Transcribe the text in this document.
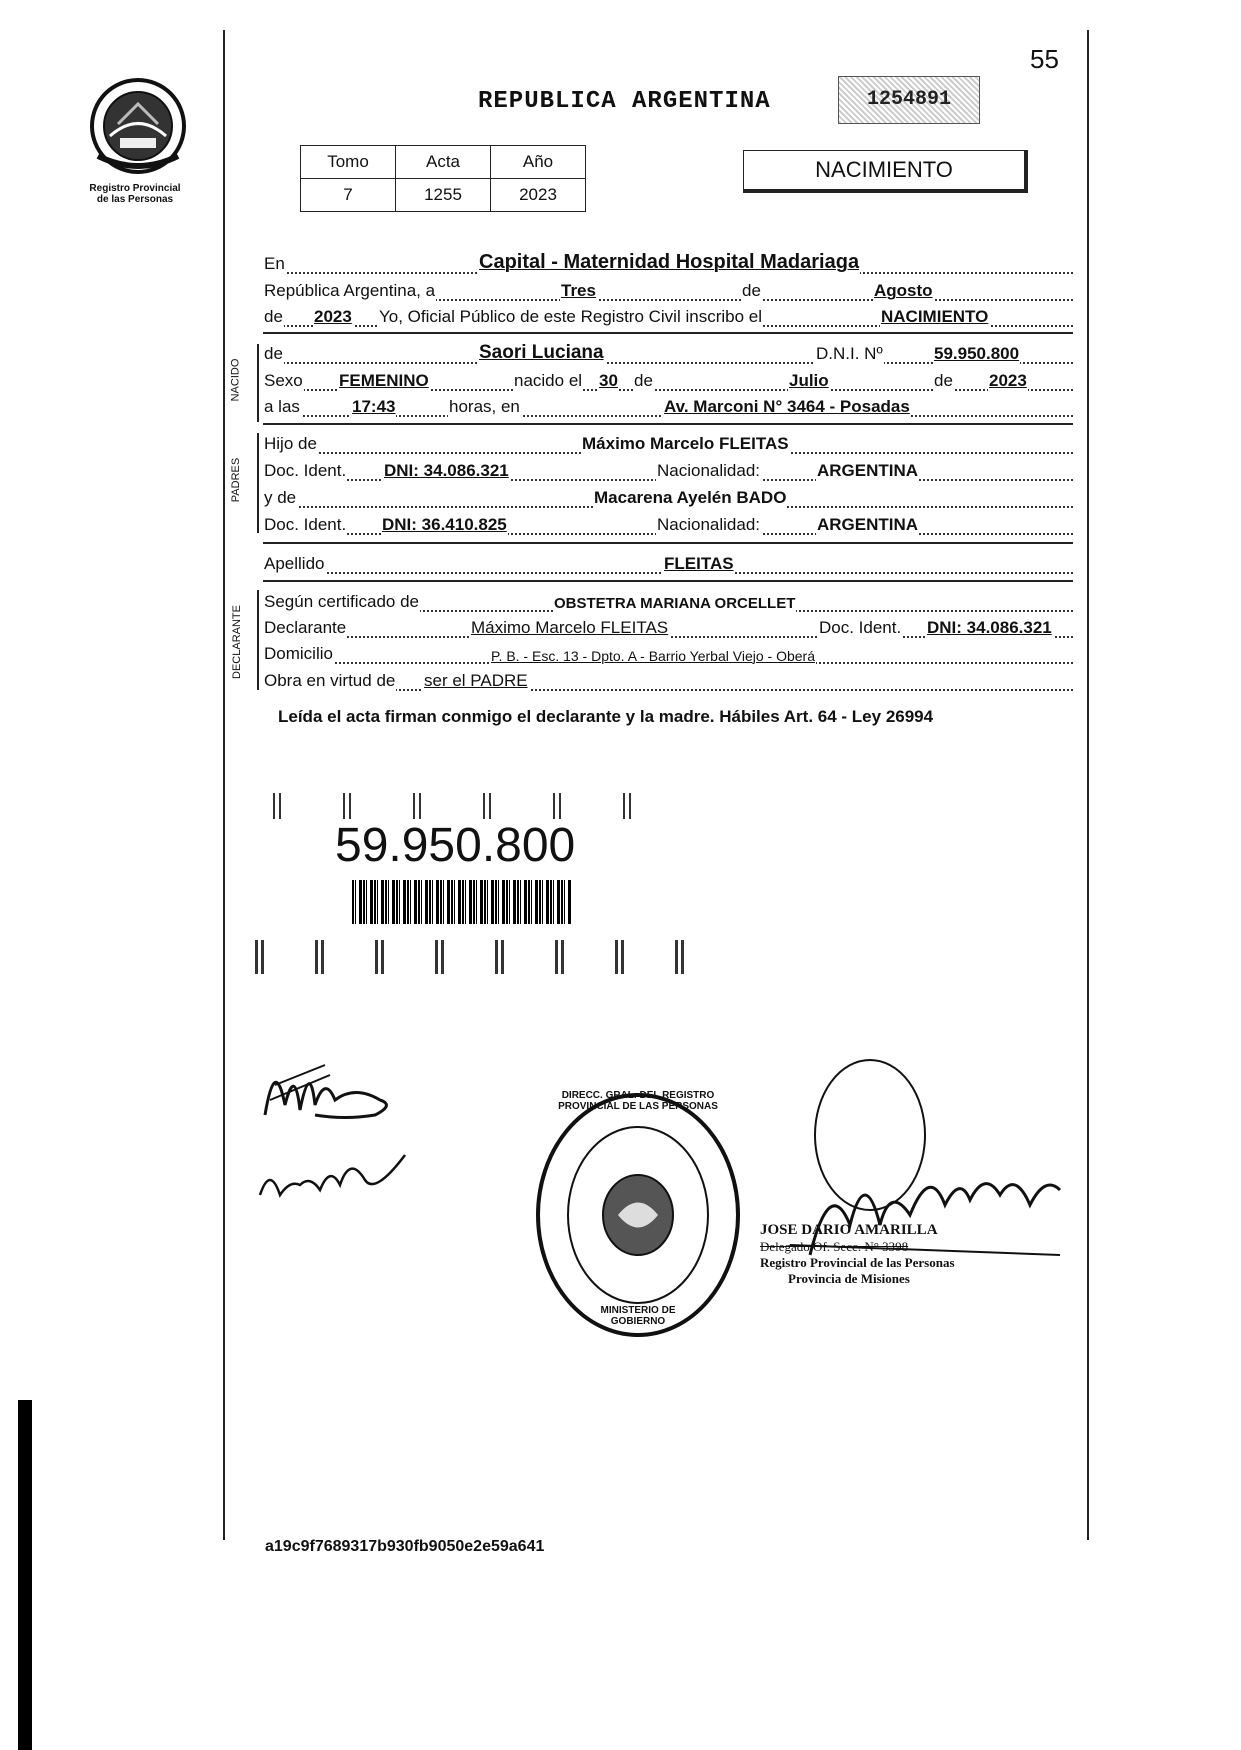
Registro Provincial
de las Personas
REPUBLICA ARGENTINA	1254891
55
Tomo	Acta	Año
7	1255	2023
NACIMIENTO
En	Capital - Maternidad Hospital Madariaga
República Argentina, a	Tres	de	Agosto
de 2023 Yo, Oficial Público de este Registro Civil inscribo el	NACIMIENTO
NACIDO
de	Saori Luciana	D.N.I. Nº	59.950.800
Sexo FEMENINO	nacido el 30 de	Julio	de 2023
a las	17:43	horas, en	Av. Marconi N° 3464 - Posadas
PADRES
Hijo de	Máximo Marcelo FLEITAS
Doc. Ident. DNI: 34.086.321	Nacionalidad:	ARGENTINA
y de	Macarena Ayelén BADO
Doc. Ident. DNI: 36.410.825	Nacionalidad:	ARGENTINA
Apellido	FLEITAS
DECLARANTE
Según certificado de	OBSTETRA MARIANA ORCELLET
Declarante	Máximo Marcelo FLEITAS	Doc. Ident. DNI: 34.086.321
Domicilio	P. B. - Esc. 13 - Dpto. A - Barrio Yerbal Viejo - Oberá
Obra en virtud de ser el PADRE
Leída el acta firman conmigo el declarante y la madre. Hábiles Art. 64 - Ley 26994
59.950.800
DIRECC. GRAL. DEL REGISTRO PROVINCIAL DE LAS PERSONAS
MINISTERIO DE GOBIERNO
JOSE DARIO AMARILLA
Delegado Of. Secc. N° 3398
Registro Provincial de las Personas
Provincia de Misiones
a19c9f7689317b930fb9050e2e59a641
